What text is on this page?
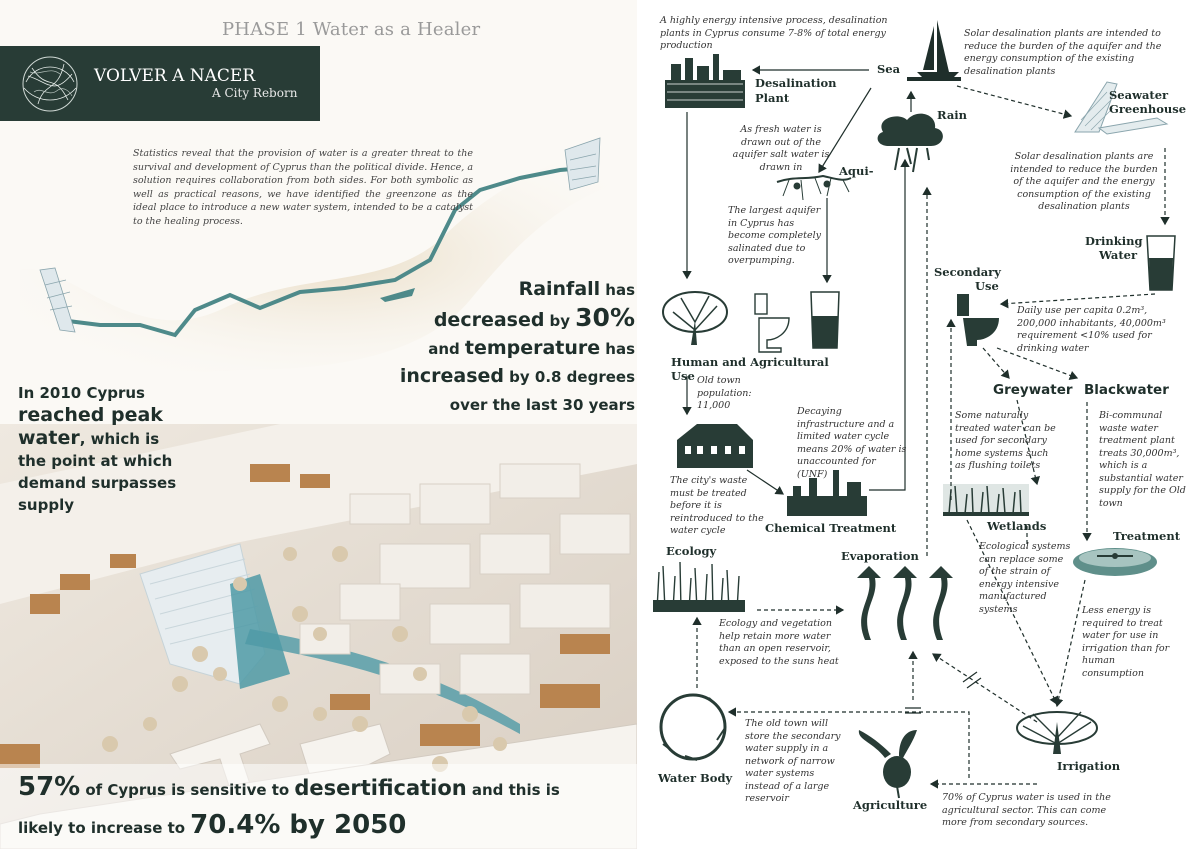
PHASE 1 Water as a Healer
VOLVER A NACER
A City Reborn
Statistics reveal that the provision of water is a greater threat to the survival and development of Cyprus than the political divide. Hence, a solution requires collaboration from both sides. For both symbolic as well as practical reasons, we have identified the greenzone as the ideal place to introduce a new water system, intended to be a catalyst to the healing process.
Rainfall has
decreased by 30%
and temperature has
increased by 0.8 degrees
over the last 30 years
In 2010 Cyprus
reached peak
water, which is
the point at which
demand surpasses
supply
57% of Cyprus is sensitive to desertification and this is
likely to increase to 70.4% by 2050
Sea
Desalination
Plant
Rain
Seawater
Greenhouse
Aqui-
Drinking
Water
Secondary
Use
Human and Agricultural
Use
Greywater Blackwater
Chemical Treatment	Wetlands
Treatment
Ecology	Evaporation
Water Body
Agriculture
Irrigation
A highly energy intensive process, desalination plants in Cyprus consume 7-8% of total energy production
Solar desalination plants are intended to reduce the burden of the aquifer and the energy consumption of the existing desalination plants
As fresh water is drawn out of the aquifer salt water is drawn in
Solar desalination plants are intended to reduce the burden of the aquifer and the energy consumption of the existing desalination plants
The largest aquifer in Cyprus has become completely salinated due to overpumping.
Daily use per capita 0.2m³, 200,000 inhabitants, 40,000m³ requirement <10% used for drinking water
Old town population: 11,000
Decaying infrastructure and a limited water cycle means 20% of water is unaccounted for (UNF)
Some naturally treated water can be used for secondary home systems such as flushing toilets
Bi-communal waste water treatment plant treats 30,000m³, which is a substantial water supply for the Old town
The city's waste must be treated before it is reintroduced to the water cycle
Ecological systems can replace some of the strain of energy intensive manufactured systems
Ecology and vegetation help retain more water than an open reservoir, exposed to the suns heat
Less energy is required to treat water for use in irrigation than for human consumption
The old town will store the secondary water supply in a network of narrow water systems instead of a large reservoir	70% of Cyprus water is used in the agricultural sector. This can come more from secondary sources.
